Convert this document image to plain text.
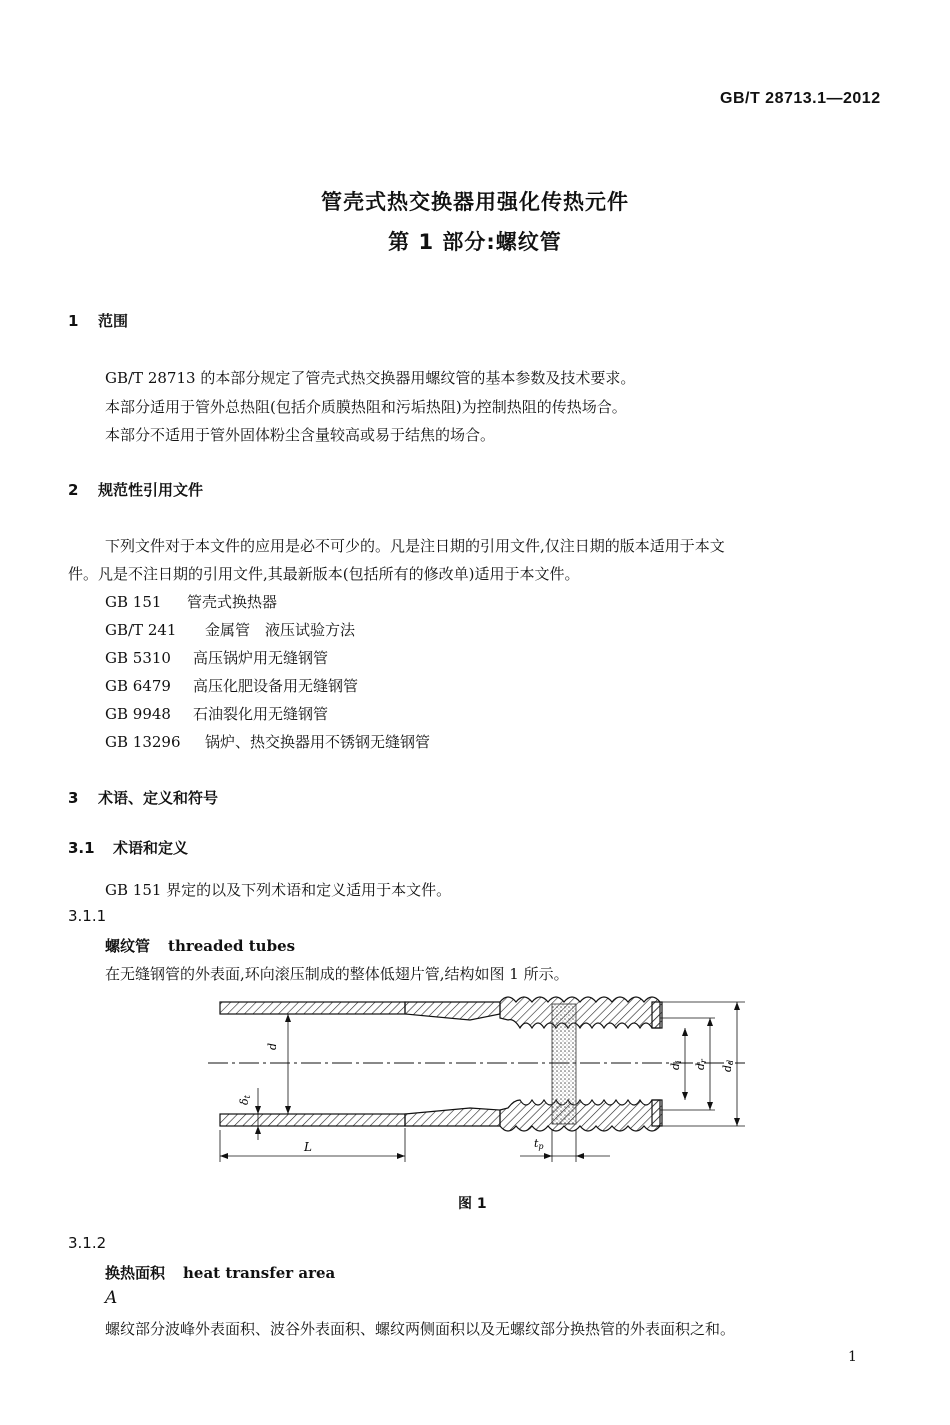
GB/T 28713.1—2012
管壳式热交换器用强化传热元件
第 1 部分:螺纹管
1 范围
GB/T 28713 的本部分规定了管壳式热交换器用螺纹管的基本参数及技术要求。
本部分适用于管外总热阻(包括介质膜热阻和污垢热阻)为控制热阻的传热场合。
本部分不适用于管外固体粉尘含量较高或易于结焦的场合。
2 规范性引用文件
下列文件对于本文件的应用是必不可少的。凡是注日期的引用文件,仅注日期的版本适用于本文
件。凡是不注日期的引用文件,其最新版本(包括所有的修改单)适用于本文件。
GB 151 管壳式换热器
GB/T 241 金属管　液压试验方法
GB 5310 高压锅炉用无缝钢管
GB 6479 高压化肥设备用无缝钢管
GB 9948 石油裂化用无缝钢管
GB 13296 锅炉、热交换器用不锈钢无缝钢管
3 术语、定义和符号
3.1 术语和定义
GB 151 界定的以及下列术语和定义适用于本文件。
3.1.1
螺纹管 threaded tubes
在无缝钢管的外表面,环向滚压制成的整体低翅片管,结构如图 1 所示。
d
δt
L	tp
di
dr
dd
图 1
3.1.2
换热面积 heat transfer area
A
螺纹部分波峰外表面积、波谷外表面积、螺纹两侧面积以及无螺纹部分换热管的外表面积之和。
1
